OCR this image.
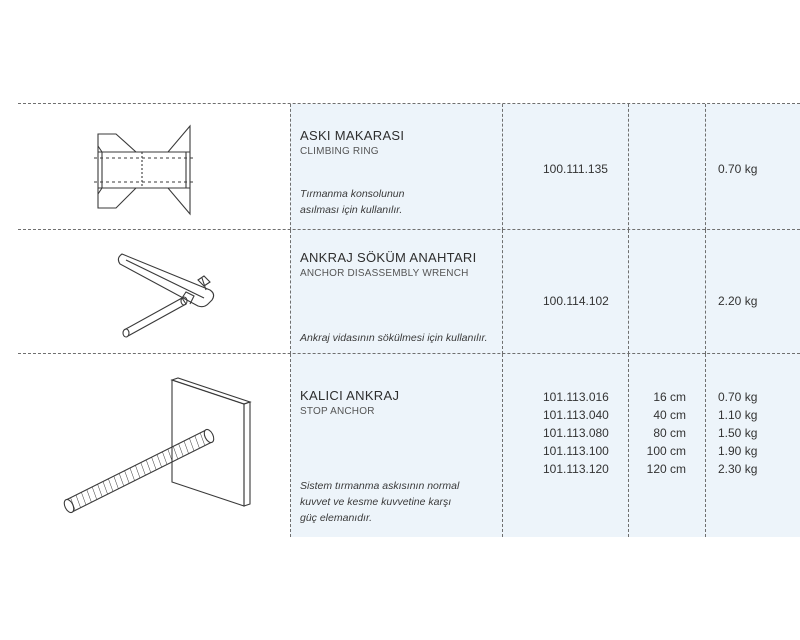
ASKI MAKARASI
CLIMBING RING
Tırmanma konsolunun asılması için kullanılır.
100.111.135	0.70 kg
ANKRAJ SÖKÜM ANAHTARI
ANCHOR DISASSEMBLY WRENCH
Ankraj vidasının sökülmesi için kullanılır.
100.114.102	2.20 kg
KALICI ANKRAJ
STOP ANCHOR
Sistem tırmanma askısının normal kuvvet ve kesme kuvvetine karşı güç elemanıdır.
101.113.016
101.113.040
101.113.080
101.113.100
101.113.120
16 cm
40 cm
80 cm
100 cm
120 cm
0.70 kg
1.10 kg
1.50 kg
1.90 kg
2.30 kg
